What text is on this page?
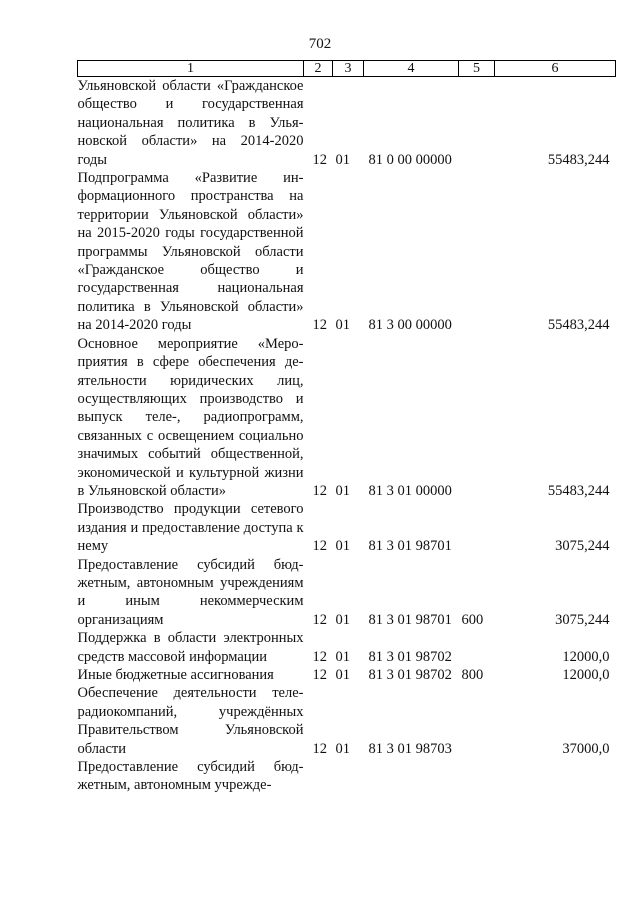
702
1	2	3	4	5	6

Ульяновской области «Гражданское общество и государственная национальная политика в Ульяновской области» на 2014-2020 годы	12	01	81 0 00 00000		55483,244

Подпрограмма «Развитие информационного пространства на территории Ульяновской области» на 2015-2020 годы государственной программы Ульяновской области «Гражданское общество и государственная национальная политика в Ульяновской области» на 2014-2020 годы	12	01	81 3 00 00000		55483,244

Основное мероприятие «Мероприятия в сфере обеспечения деятельности юридических лиц, осуществляющих производство и выпуск теле-, радиопрограмм, связанных с освещением социально значимых событий общественной, экономической и культурной жизни в Ульяновской области»	12	01	81 3 01 00000		55483,244

Производство продукции сетевого издания и предоставление доступа к нему	12	01	81 3 01 98701		3075,244

Предоставление субсидий бюджетным, автономным учреждениям и иным некоммерческим организациям	12	01	81 3 01 98701	600	3075,244

Поддержка в области электронных средств массовой информации	12	01	81 3 01 98702		12000,0

Иные бюджетные ассигнования	12	01	81 3 01 98702	800	12000,0

Обеспечение деятельности телерадиокомпаний, учреждённых Правительством Ульяновской области	12	01	81 3 01 98703		37000,0

Предоставление субсидий бюджетным, автономным учрежде-					
